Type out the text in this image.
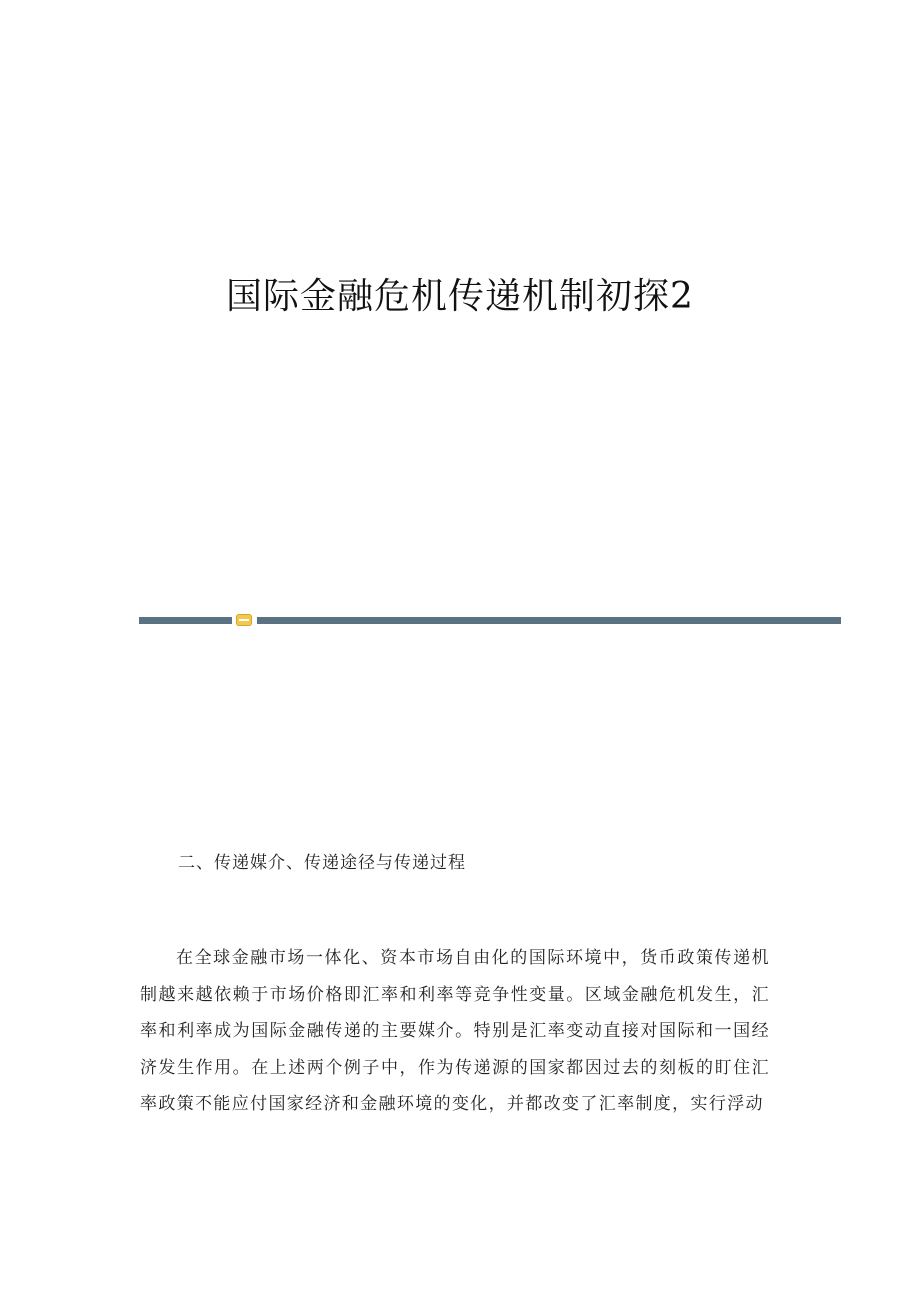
国际金融危机传递机制初探2
二、传递媒介、传递途径与传递过程

在全球金融市场一体化、资本市场自由化的国际环境中，货币政策传递机制越来越依赖于市场价格即汇率和利率等竞争性变量。区域金融危机发生，汇率和利率成为国际金融传递的主要媒介。特别是汇率变动直接对国际和一国经济发生作用。在上述两个例子中，作为传递源的国家都因过去的刻板的盯住汇率政策不能应付国家经济和金融环境的变化，并都改变了汇率制度，实行浮动
